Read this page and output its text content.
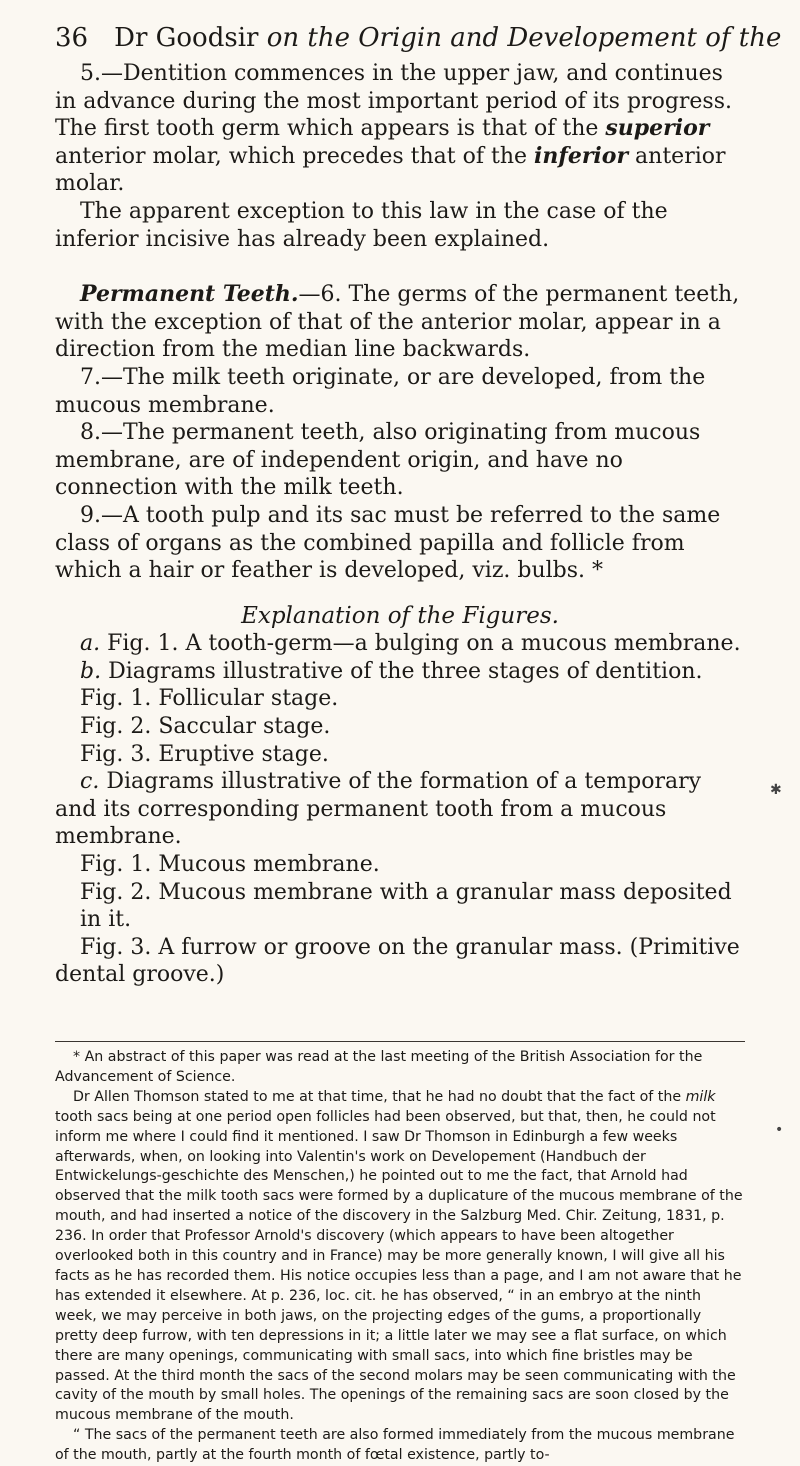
36 Dr Goodsir on the Origin and Developement of the

5.—Dentition commences in the upper jaw, and continues in advance during the most important period of its progress. The first tooth germ which appears is that of the superior anterior molar, which precedes that of the inferior anterior molar.

The apparent exception to this law in the case of the inferior incisive has already been explained.

Permanent Teeth.—6. The germs of the permanent teeth, with the exception of that of the anterior molar, appear in a direction from the median line backwards.

7.—The milk teeth originate, or are developed, from the mucous membrane.

8.—The permanent teeth, also originating from mucous membrane, are of independent origin, and have no connection with the milk teeth.

9.—A tooth pulp and its sac must be referred to the same class of organs as the combined papilla and follicle from which a hair or feather is developed, viz. bulbs. *

Explanation of the Figures.

a. Fig. 1. A tooth-germ—a bulging on a mucous membrane.

b. Diagrams illustrative of the three stages of dentition.

Fig. 1. Follicular stage.

Fig. 2. Saccular stage.

Fig. 3. Eruptive stage.

c. Diagrams illustrative of the formation of a temporary and its corresponding permanent tooth from a mucous membrane.

Fig. 1. Mucous membrane.

Fig. 2. Mucous membrane with a granular mass deposited in it.

Fig. 3. A furrow or groove on the granular mass. (Primitive dental groove.)

* An abstract of this paper was read at the last meeting of the British Association for the Advancement of Science.

Dr Allen Thomson stated to me at that time, that he had no doubt that the fact of the milk tooth sacs being at one period open follicles had been observed, but that, then, he could not inform me where I could find it mentioned. I saw Dr Thomson in Edinburgh a few weeks afterwards, when, on looking into Valentin's work on Developement (Handbuch der Entwickelungs-geschichte des Menschen,) he pointed out to me the fact, that Arnold had observed that the milk tooth sacs were formed by a duplicature of the mucous membrane of the mouth, and had inserted a notice of the discovery in the Salzburg Med. Chir. Zeitung, 1831, p. 236. In order that Professor Arnold's discovery (which appears to have been altogether overlooked both in this country and in France) may be more generally known, I will give all his facts as he has recorded them. His notice occupies less than a page, and I am not aware that he has extended it elsewhere. At p. 236, loc. cit. he has observed, “ in an embryo at the ninth week, we may perceive in both jaws, on the projecting edges of the gums, a proportionally pretty deep furrow, with ten depressions in it; a little later we may see a flat surface, on which there are many openings, communicating with small sacs, into which fine bristles may be passed. At the third month the sacs of the second molars may be seen communicating with the cavity of the mouth by small holes. The openings of the remaining sacs are soon closed by the mucous membrane of the mouth.

“ The sacs of the permanent teeth are also formed immediately from the mucous membrane of the mouth, partly at the fourth month of fœtal existence, partly to-

✱
•
